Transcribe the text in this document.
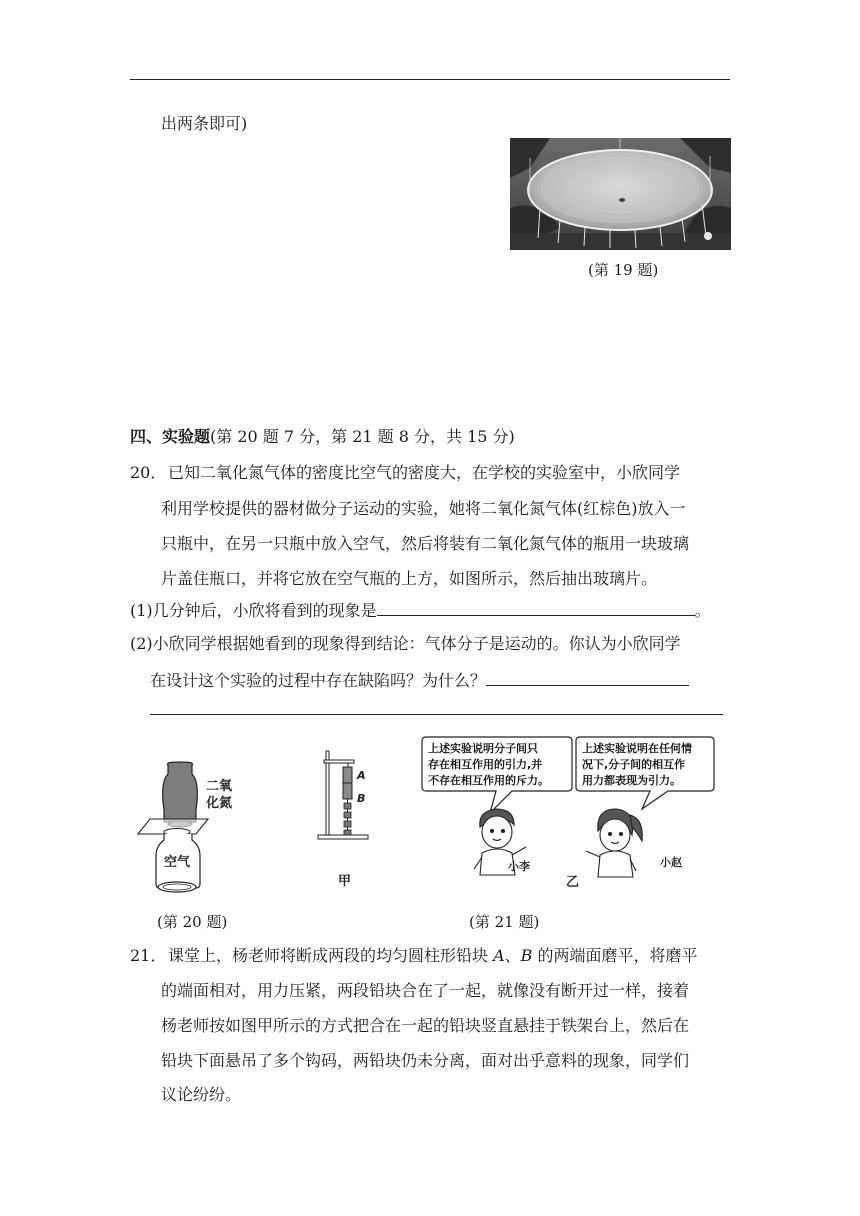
出两条即可)
(第 19 题)
四、实验题(第 20 题 7 分，第 21 题 8 分，共 15 分)
20． 已知二氧化氮气体的密度比空气的密度大，在学校的实验室中，小欣同学
利用学校提供的器材做分子运动的实验，她将二氧化氮气体(红棕色)放入一
只瓶中，在另一只瓶中放入空气，然后将装有二氧化氮气体的瓶用一块玻璃
片盖住瓶口，并将它放在空气瓶的上方，如图所示，然后抽出玻璃片。
(1)几分钟后，小欣将看到的现象是	。
(2)小欣同学根据她看到的现象得到结论：气体分子是运动的。你认为小欣同学
在设计这个实验的过程中存在缺陷吗？为什么？
二氧
化氮
空气
(第 20 题)
A
B
甲
上述实验说明分子间只
存在相互作用的引力,并
不存在相互作用的斥力。
上述实验说明在任何情
况下,分子间的相互作
用力都表现为引力。
小李	小赵
乙
(第 21 题)
21． 课堂上，杨老师将断成两段的均匀圆柱形铅块 A、B 的两端面磨平，将磨平
的端面相对，用力压紧，两段铅块合在了一起，就像没有断开过一样，接着
杨老师按如图甲所示的方式把合在一起的铅块竖直悬挂于铁架台上，然后在
铅块下面悬吊了多个钩码，两铅块仍未分离，面对出乎意料的现象，同学们
议论纷纷。
